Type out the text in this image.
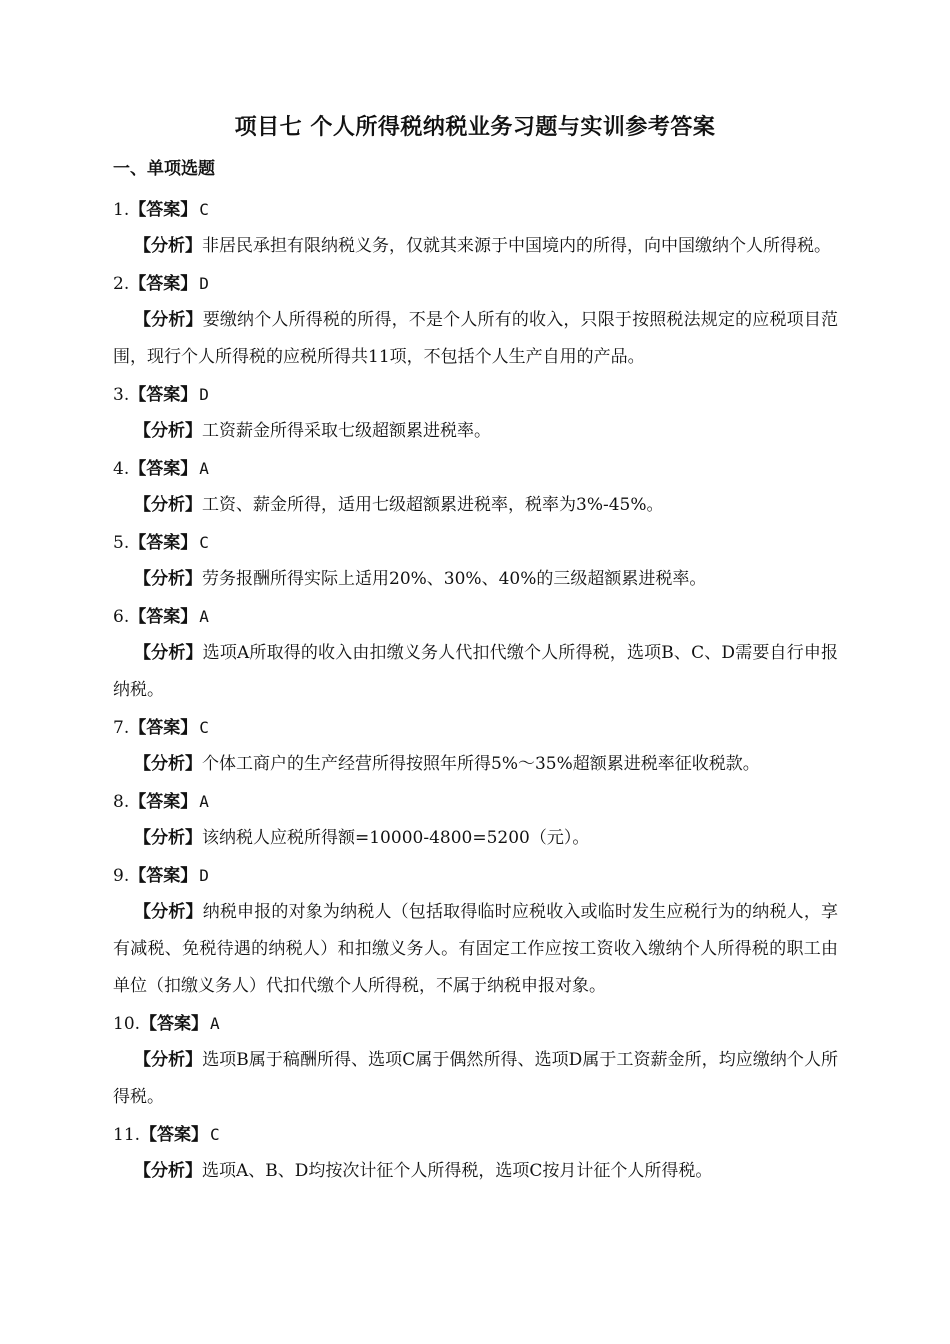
项目七 个人所得税纳税业务习题与实训参考答案
一、单项选题
1.【答案】 C
【分析】非居民承担有限纳税义务，仅就其来源于中国境内的所得，向中国缴纳个人所得税。
2.【答案】 D
【分析】要缴纳个人所得税的所得，不是个人所有的收入，只限于按照税法规定的应税项目范围，现行个人所得税的应税所得共11项，不包括个人生产自用的产品。
3.【答案】 D
【分析】工资薪金所得采取七级超额累进税率。
4.【答案】 A
【分析】工资、薪金所得，适用七级超额累进税率，税率为3%-45%。
5.【答案】 C
【分析】劳务报酬所得实际上适用20%、30%、40%的三级超额累进税率。
6.【答案】 A
【分析】选项A所取得的收入由扣缴义务人代扣代缴个人所得税，选项B、C、D需要自行申报纳税。
7.【答案】 C
【分析】个体工商户的生产经营所得按照年所得5%～35%超额累进税率征收税款。
8.【答案】 A
【分析】该纳税人应税所得额=10000-4800=5200（元）。
9.【答案】 D
【分析】纳税申报的对象为纳税人（包括取得临时应税收入或临时发生应税行为的纳税人，享有减税、免税待遇的纳税人）和扣缴义务人。有固定工作应按工资收入缴纳个人所得税的职工由单位（扣缴义务人）代扣代缴个人所得税，不属于纳税申报对象。
10.【答案】 A
【分析】选项B属于稿酬所得、选项C属于偶然所得、选项D属于工资薪金所，均应缴纳个人所得税。
11.【答案】 C
【分析】选项A、B、D均按次计征个人所得税，选项C按月计征个人所得税。
